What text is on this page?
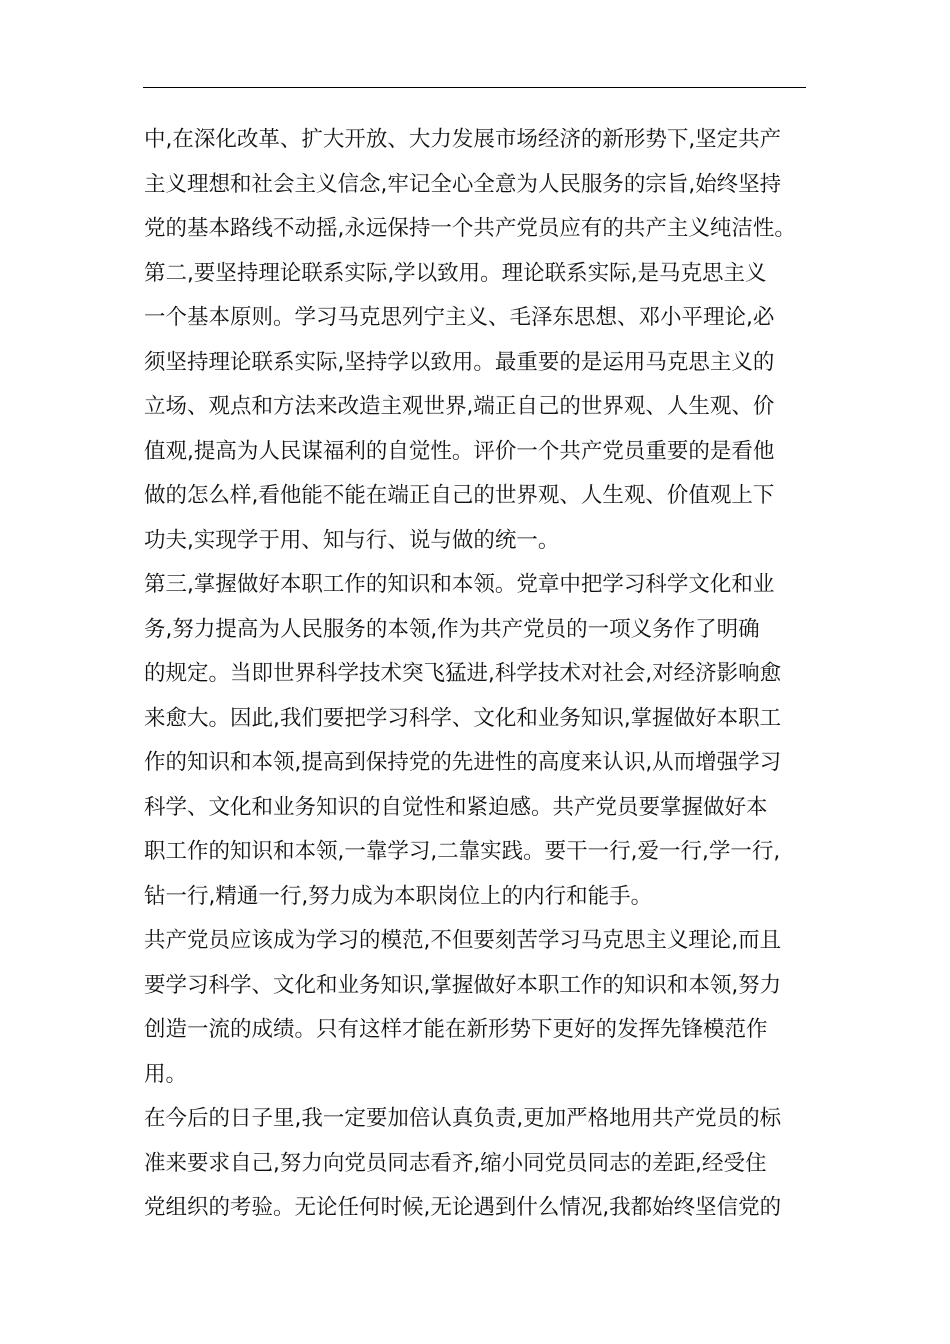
中,在深化改革、扩大开放、大力发展市场经济的新形势下,坚定共产
主义理想和社会主义信念,牢记全心全意为人民服务的宗旨,始终坚持
党的基本路线不动摇,永远保持一个共产党员应有的共产主义纯洁性。
第二,要坚持理论联系实际,学以致用。理论联系实际,是马克思主义
一个基本原则。学习马克思列宁主义、毛泽东思想、邓小平理论,必
须坚持理论联系实际,坚持学以致用。最重要的是运用马克思主义的
立场、观点和方法来改造主观世界,端正自己的世界观、人生观、价
值观,提高为人民谋福利的自觉性。评价一个共产党员重要的是看他
做的怎么样,看他能不能在端正自己的世界观、人生观、价值观上下
功夫,实现学于用、知与行、说与做的统一。
第三,掌握做好本职工作的知识和本领。党章中把学习科学文化和业
务,努力提高为人民服务的本领,作为共产党员的一项义务作了明确
的规定。当即世界科学技术突飞猛进,科学技术对社会,对经济影响愈
来愈大。因此,我们要把学习科学、文化和业务知识,掌握做好本职工
作的知识和本领,提高到保持党的先进性的高度来认识,从而增强学习
科学、文化和业务知识的自觉性和紧迫感。共产党员要掌握做好本
职工作的知识和本领,一靠学习,二靠实践。要干一行,爱一行,学一行,
钻一行,精通一行,努力成为本职岗位上的内行和能手。
共产党员应该成为学习的模范,不但要刻苦学习马克思主义理论,而且
要学习科学、文化和业务知识,掌握做好本职工作的知识和本领,努力
创造一流的成绩。只有这样才能在新形势下更好的发挥先锋模范作
用。
在今后的日子里,我一定要加倍认真负责,更加严格地用共产党员的标
准来要求自己,努力向党员同志看齐,缩小同党员同志的差距,经受住
党组织的考验。无论任何时候,无论遇到什么情况,我都始终坚信党的
